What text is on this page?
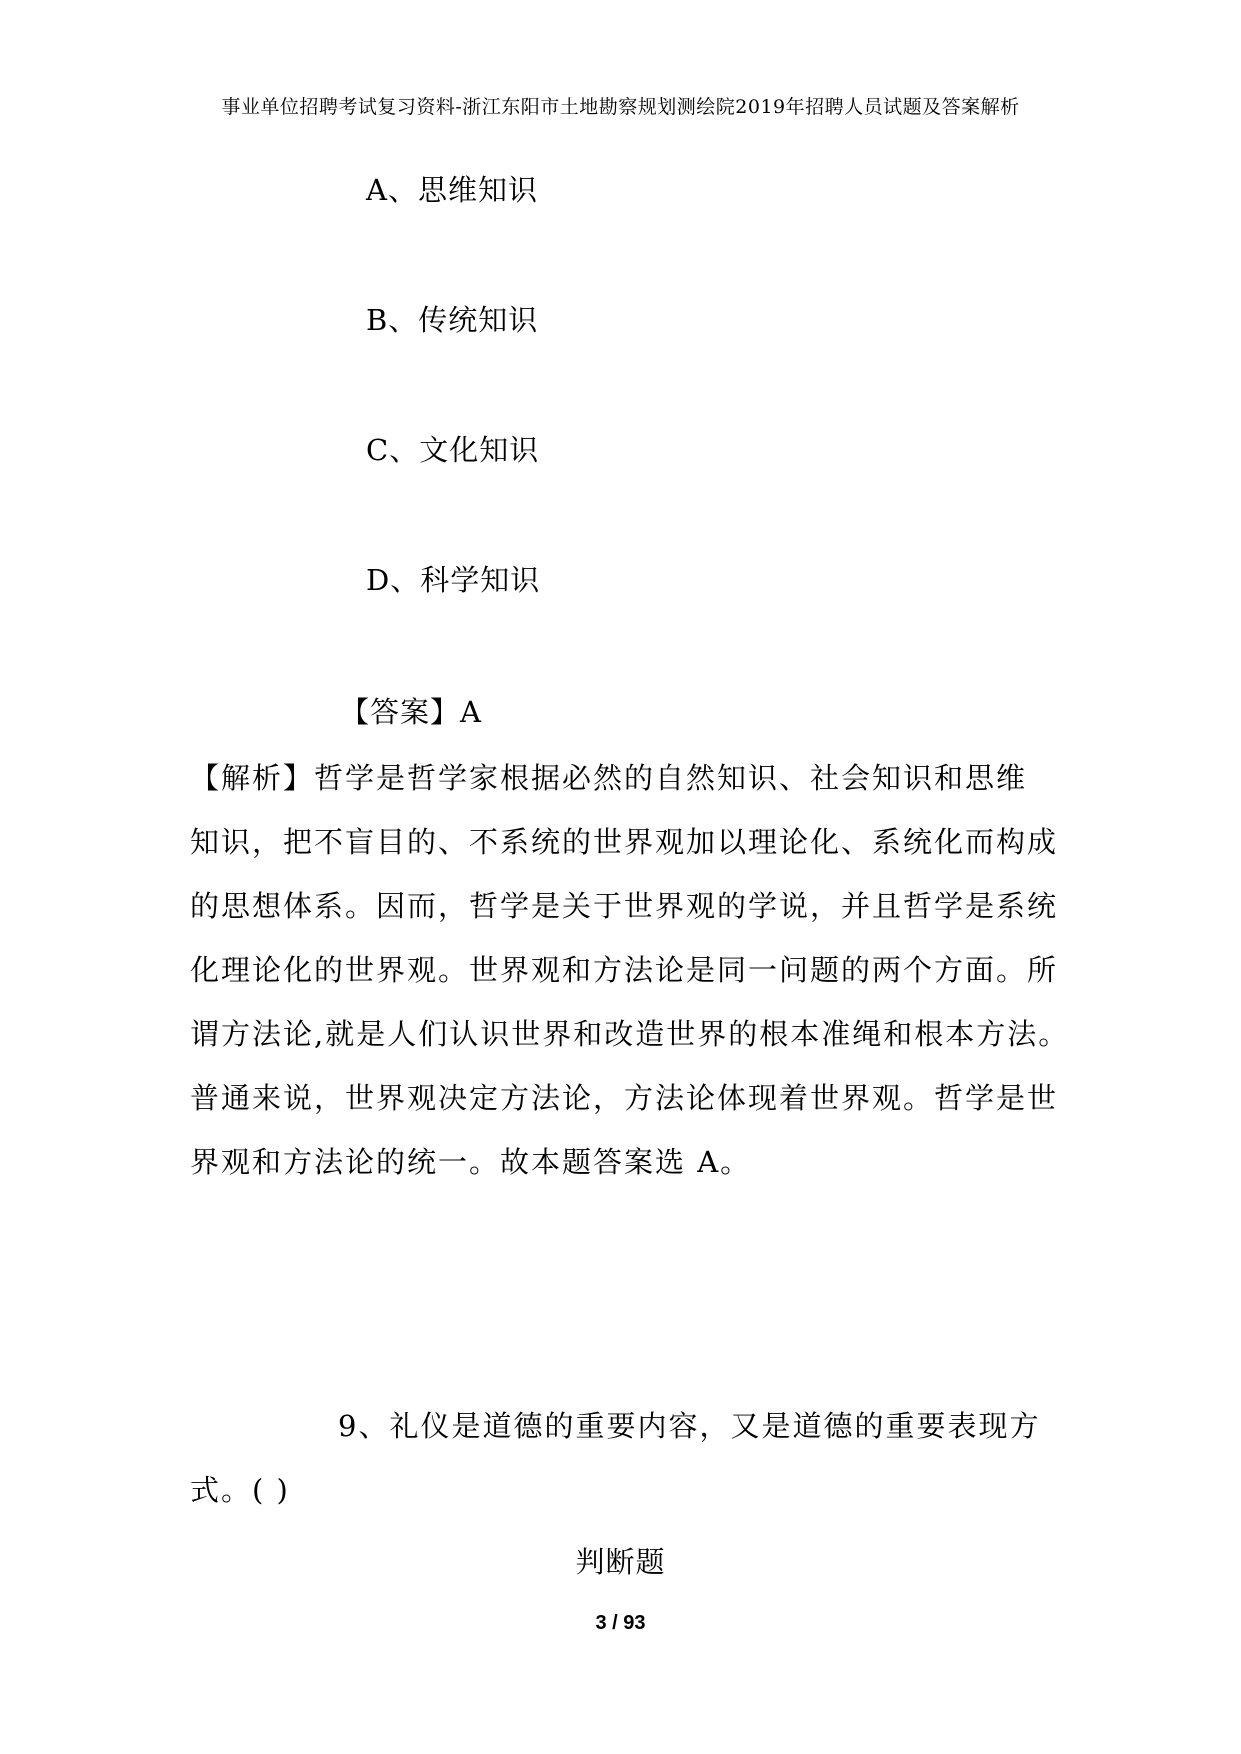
事业单位招聘考试复习资料-浙江东阳市土地勘察规划测绘院2019年招聘人员试题及答案解析
A、思维知识
B、传统知识
C、文化知识
D、科学知识
【答案】A
【解析】哲学是哲学家根据必然的自然知识、社会知识和思维
知识，把不盲目的、不系统的世界观加以理论化、系统化而构成
的思想体系。因而，哲学是关于世界观的学说，并且哲学是系统
化理论化的世界观。世界观和方法论是同一问题的两个方面。所
谓方法论,就是人们认识世界和改造世界的根本准绳和根本方法。
普通来说，世界观决定方法论，方法论体现着世界观。哲学是世
界观和方法论的统一。故本题答案选 A。
9、礼仪是道德的重要内容，又是道德的重要表现方
式。( )
判断题
3 / 93
